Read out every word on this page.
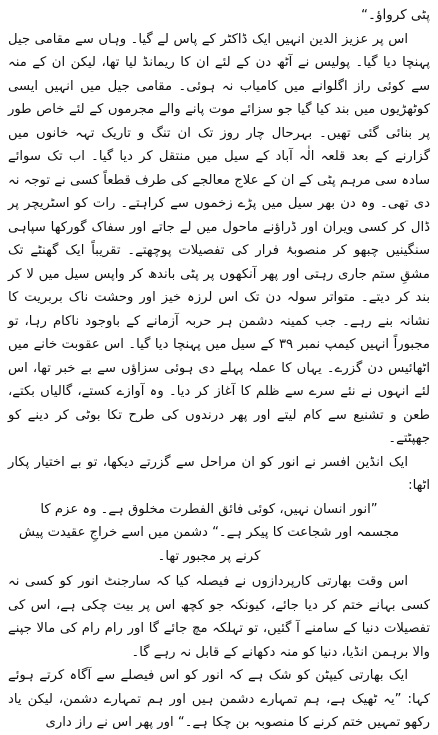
پٹی کرواؤ۔“

اس پر عزیز الدین انہیں ایک ڈاکٹر کے پاس لے گیا۔ وہاں سے مقامی جیل پہنچا دیا گیا۔ پولیس نے آٹھ دن کے لئے ان کا ریمانڈ لیا تھا، لیکن ان کے منہ سے کوئی راز اگلوانے میں کامیاب نہ ہوئی۔ مقامی جیل میں انہیں ایسی کوٹھڑیوں میں بند کیا گیا جو سزائے موت پانے والے مجرموں کے لئے خاص طور پر بنائی گئی تھیں۔ بہرحال چار روز تک ان تنگ و تاریک تہہ خانوں میں گزارنے کے بعد قلعہ الٰہ آباد کے سیل میں منتقل کر دیا گیا۔ اب تک سوائے سادہ سی مرہم پٹی کے ان کے علاج معالجے کی طرف قطعاً کسی نے توجہ نہ دی تھی۔ وہ دن بھر سیل میں پڑے زخموں سے کراہتے۔ رات کو اسٹریچر پر ڈال کر کسی ویران اور ڈراؤنے ماحول میں لے جاتے اور سفاک گورکھا سپاہی سنگینیں چبھو کر منصوبۂ فرار کی تفصیلات پوچھتے۔ تقریباً ایک گھنٹے تک مشقِ ستم جاری رہتی اور پھر آنکھوں پر پٹی باندھ کر واپس سیل میں لا کر بند کر دیتے۔ متواتر سولہ دن تک اس لرزہ خیز اور وحشت ناک بربریت کا نشانہ بنے رہے۔ جب کمینہ دشمن ہر حربہ آزمانے کے باوجود ناکام رہا، تو مجبوراً انہیں کیمپ نمبر ۳۹ کے سیل میں پہنچا دیا گیا۔ اس عقوبت خانے میں اٹھائیس دن گزرے۔ یہاں کا عملہ پہلے دی ہوئی سزاؤں سے بے خبر تھا، اس لئے انہوں نے نئے سرے سے ظلم کا آغاز کر دیا۔ وہ آوازے کستے، گالیاں بکتے، طعن و تشنیع سے کام لیتے اور پھر درندوں کی طرح تکا بوٹی کر دینے کو جھپٹتے۔

ایک انڈین افسر نے انور کو ان مراحل سے گزرتے دیکھا، تو بے اختیار پکار اٹھا:

”انور انسان نہیں، کوئی فائق الفطرت مخلوق ہے۔ وہ عزم کا مجسمہ اور شجاعت کا پیکر ہے۔“ دشمن میں اسے خراجِ عقیدت پیش کرنے پر مجبور تھا۔

اس وقت بھارتی کارپردازوں نے فیصلہ کیا کہ سارجنٹ انور کو کسی نہ کسی بہانے ختم کر دیا جائے، کیونکہ جو کچھ اس پر بیت چکی ہے، اس کی تفصیلات دنیا کے سامنے آ گئیں، تو تہلکہ مچ جائے گا اور رام رام کی مالا جپنے والا برہمن انڈیا، دنیا کو منہ دکھانے کے قابل نہ رہے گا۔

ایک بھارتی کیپٹن کو شک ہے کہ انور کو اس فیصلے سے آگاہ کرتے ہوئے کہا: ”یہ ٹھیک ہے، ہم تمہارے دشمن ہیں اور ہم تمہارے دشمن، لیکن یاد رکھو تمہیں ختم کرنے کا منصوبہ بن چکا ہے۔“ اور پھر اس نے راز داری
